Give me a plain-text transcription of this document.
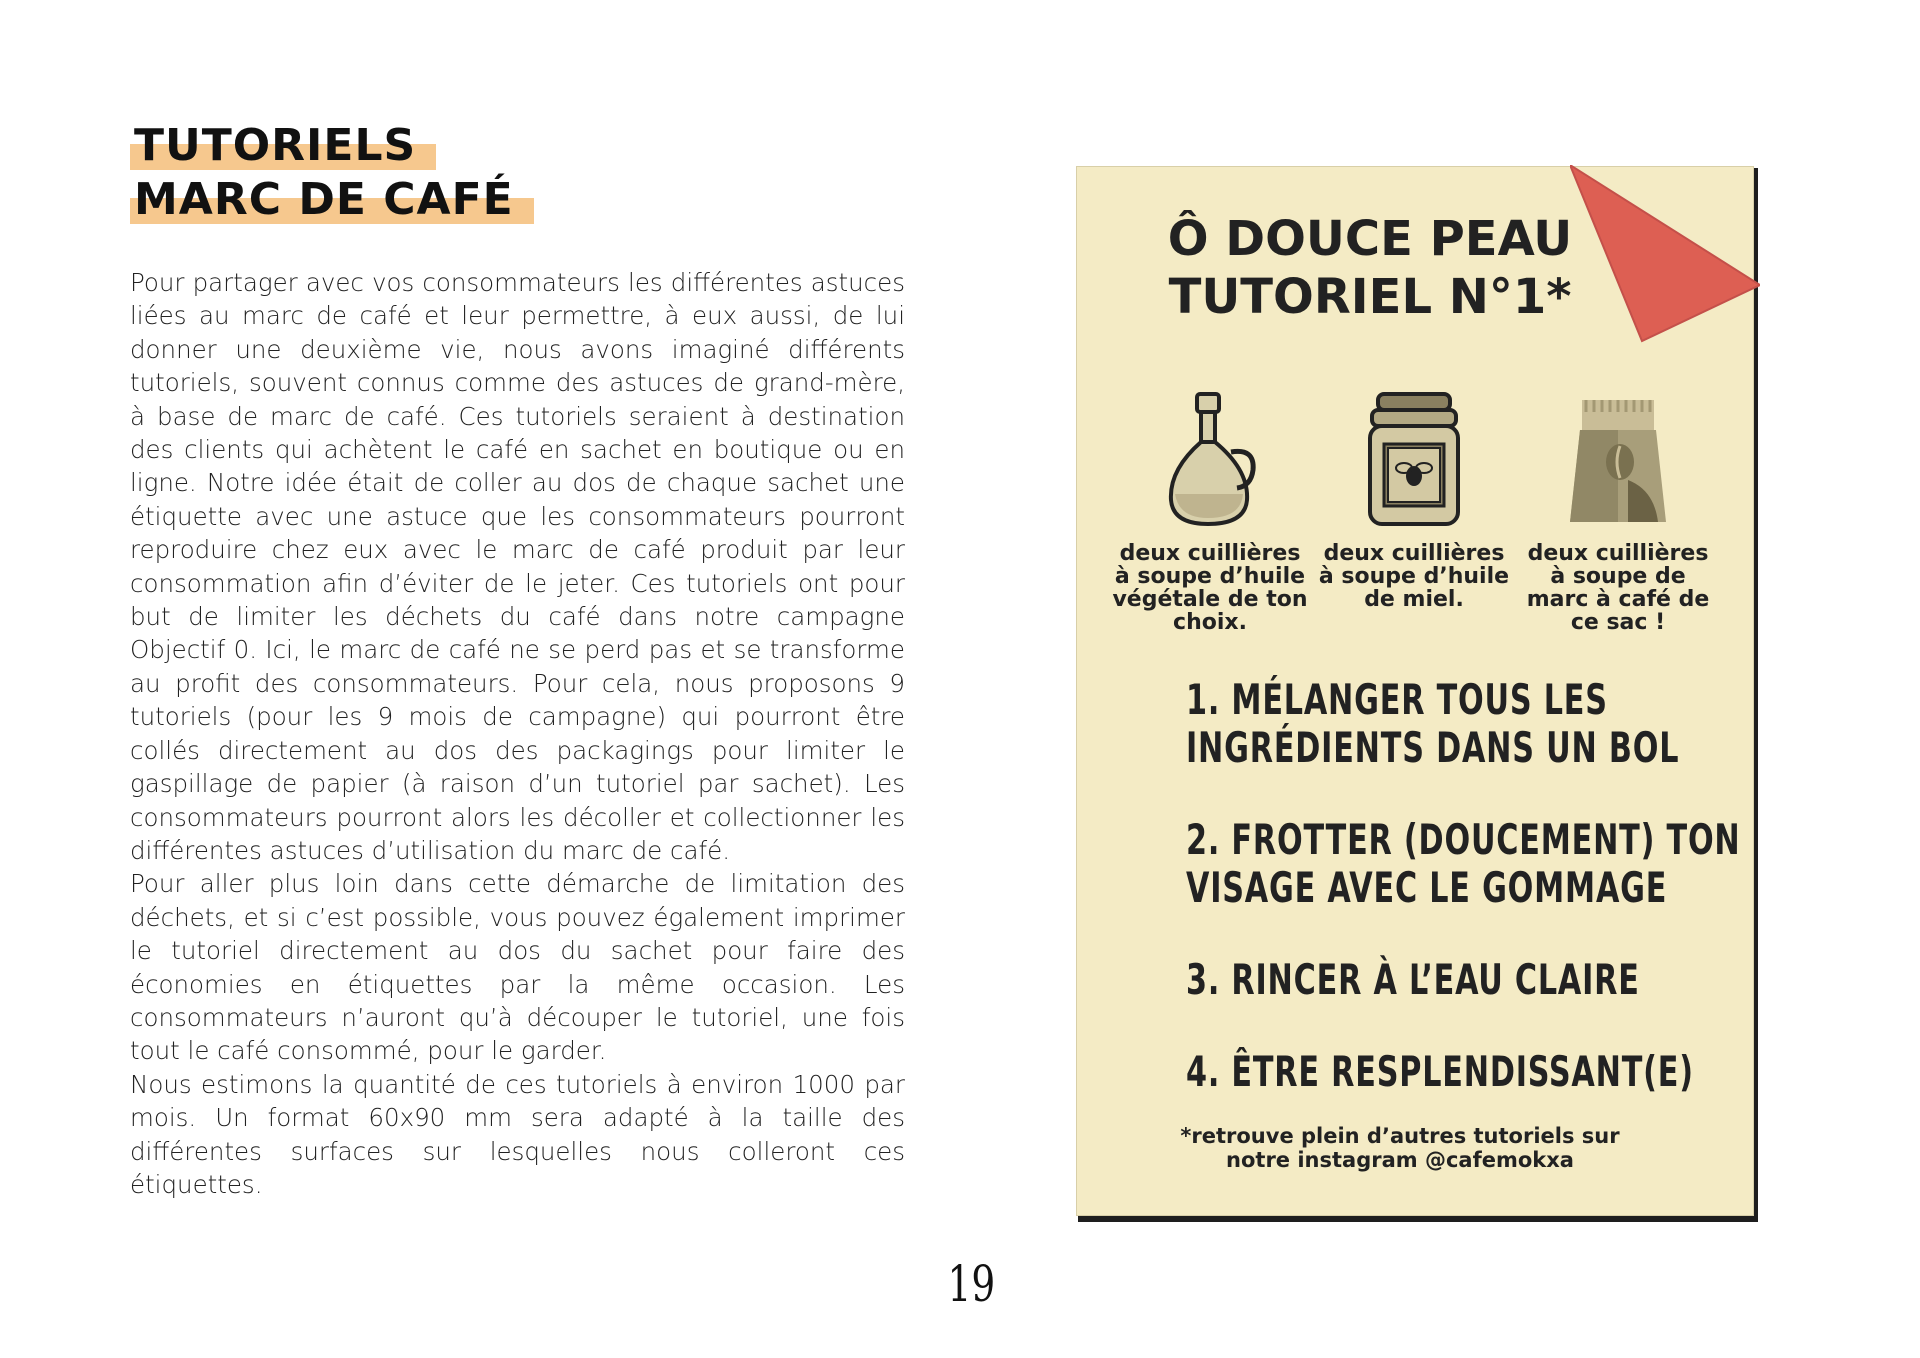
TUTORIELS
MARC DE CAFÉ

Pour partager avec vos consommateurs les différentes astuces liées au marc de café et leur permettre, à eux aussi, de lui donner une deuxième vie, nous avons imaginé différents tutoriels, souvent connus comme des astuces de grand-mère, à base de marc de café. Ces tutoriels seraient à destination des clients qui achètent le café en sachet en boutique ou en ligne. Notre idée était de coller au dos de chaque sachet une étiquette avec une astuce que les consommateurs pourront reproduire chez eux avec le marc de café produit par leur consommation afin d’éviter de le jeter. Ces tutoriels ont pour but de limiter les déchets du café dans notre campagne Objectif 0. Ici, le marc de café ne se perd pas et se transforme au profit des consommateurs. Pour cela, nous proposons 9 tutoriels (pour les 9 mois de campagne) qui pourront être collés directement au dos des packagings pour limiter le gaspillage de papier (à raison d’un tutoriel par sachet). Les consommateurs pourront alors les décoller et collectionner les différentes astuces d’utilisation du marc de café.

Pour aller plus loin dans cette démarche de limitation des déchets, et si c’est possible, vous pouvez également imprimer le tutoriel directement au dos du sachet pour faire des économies en étiquettes par la même occasion. Les consommateurs n’auront qu’à découper le tutoriel, une fois tout le café consommé, pour le garder.

Nous estimons la quantité de ces tutoriels à environ 1000 par mois. Un format 60x90 mm sera adapté à la taille des différentes surfaces sur lesquelles nous colleront ces étiquettes.

Ô DOUCE PEAU
TUTORIEL N°1*
deux cuillières à soupe d’huile végétale de ton choix.
deux cuillières à soupe d’huile de miel.
deux cuillières à soupe de marc à café de ce sac !
1. MÉLANGER TOUS LES
INGRÉDIENTS DANS UN BOL
2. FROTTER (DOUCEMENT) TON
VISAGE AVEC LE GOMMAGE
3. RINCER À L’EAU CLAIRE
4. ÊTRE RESPLENDISSANT(E)
*retrouve plein d’autres tutoriels sur
notre instagram @cafemokxa
19
